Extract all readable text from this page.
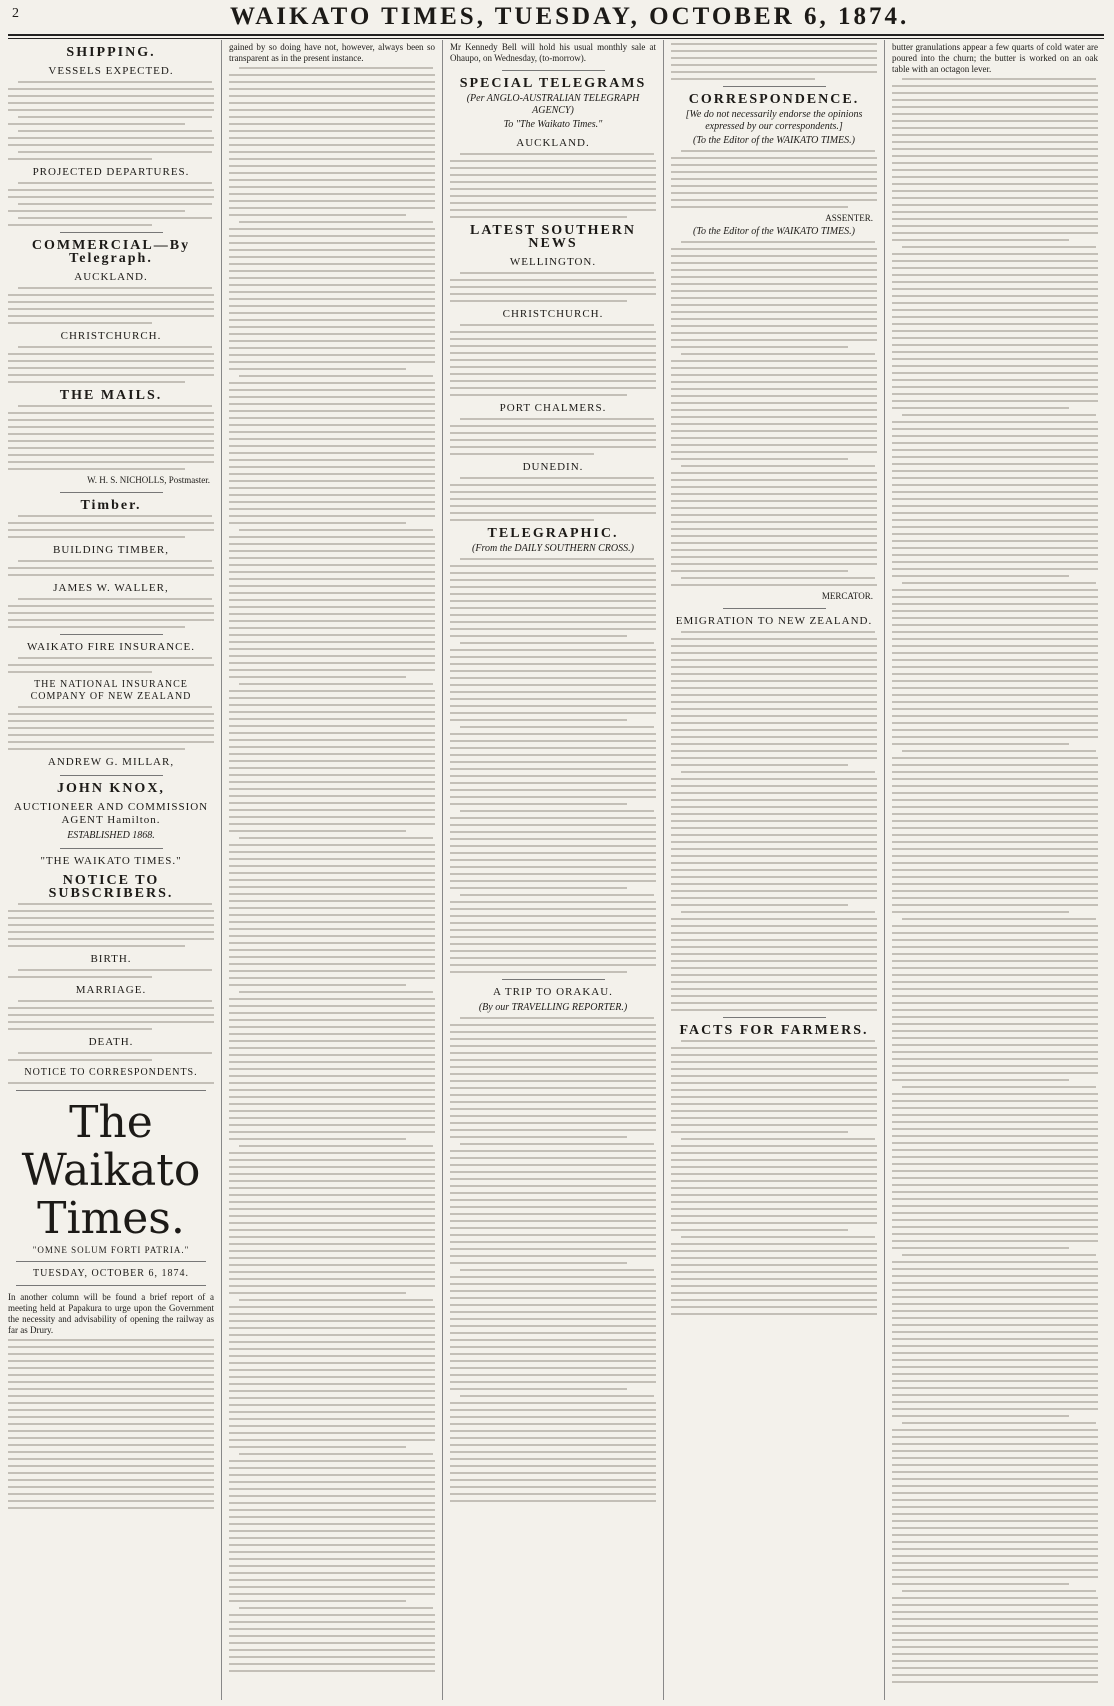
2	WAIKATO TIMES, TUESDAY, OCTOBER 6, 1874.
SHIPPING.
VESSELS EXPECTED.
PROJECTED DEPARTURES.
COMMERCIAL—By Telegraph.
AUCKLAND.
CHRISTCHURCH.
THE MAILS.
W. H. S. NICHOLLS, Postmaster.
Timber.
BUILDING TIMBER,
JAMES W. WALLER,
WAIKATO FIRE INSURANCE.
THE NATIONAL INSURANCE COMPANY OF NEW ZEALAND
ANDREW G. MILLAR,
JOHN KNOX,
AUCTIONEER AND COMMISSION AGENT Hamilton.
ESTABLISHED 1868.
"THE WAIKATO TIMES."
NOTICE TO SUBSCRIBERS.
BIRTH.
MARRIAGE.
DEATH.
NOTICE TO CORRESPONDENTS.
The Waikato Times.
"OMNE SOLUM FORTI PATRIA."
TUESDAY, OCTOBER 6, 1874.
In another column will be found a brief report of a meeting held at Papakura to urge upon the Government the necessity and advisability of opening the railway as far as Drury.
gained by so doing have not, however, always been so transparent as in the present instance.
Mr Kennedy Bell will hold his usual monthly sale at Ohaupo, on Wednesday, (to-morrow).
SPECIAL TELEGRAMS
(Per ANGLO-AUSTRALIAN TELEGRAPH AGENCY)
To "The Waikato Times."
AUCKLAND.
LATEST SOUTHERN NEWS
WELLINGTON.
CHRISTCHURCH.
PORT CHALMERS.
DUNEDIN.
TELEGRAPHIC.
(From the DAILY SOUTHERN CROSS.)
A TRIP TO ORAKAU.
(By our TRAVELLING REPORTER.)
CORRESPONDENCE.
[We do not necessarily endorse the opinions expressed by our correspondents.]
(To the Editor of the WAIKATO TIMES.)
ASSENTER.
(To the Editor of the WAIKATO TIMES.)
MERCATOR.
EMIGRATION TO NEW ZEALAND.
FACTS FOR FARMERS.
butter granulations appear a few quarts of cold water are poured into the churn; the butter is worked on an oak table with an octagon lever.
